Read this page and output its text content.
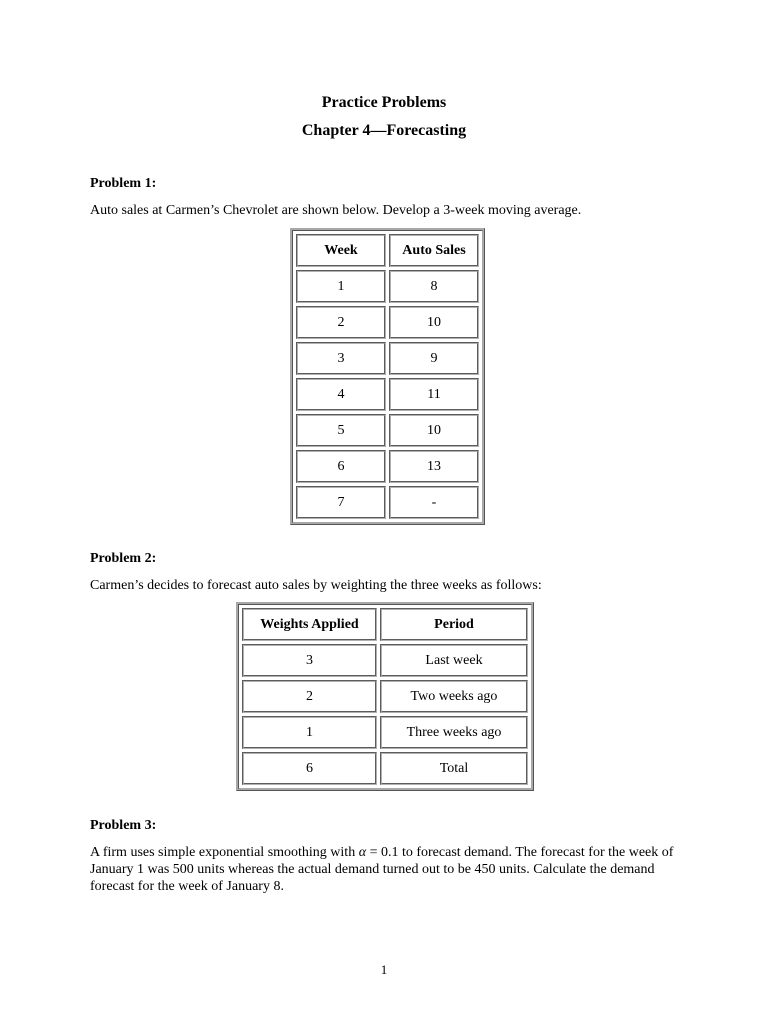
Practice Problems
Chapter 4—Forecasting
Problem 1:
Auto sales at Carmen’s Chevrolet are shown below. Develop a 3-week moving average.
Week	Auto Sales
1	8
2	10
3	9
4	11
5	10
6	13
7	-
Problem 2:
Carmen’s decides to forecast auto sales by weighting the three weeks as follows:
Weights Applied	Period
3	Last week
2	Two weeks ago
1	Three weeks ago
6	Total
Problem 3:
A firm uses simple exponential smoothing with α = 0.1 to forecast demand. The forecast for the week of January 1 was 500 units whereas the actual demand turned out to be 450 units. Calculate the demand forecast for the week of January 8.
1
